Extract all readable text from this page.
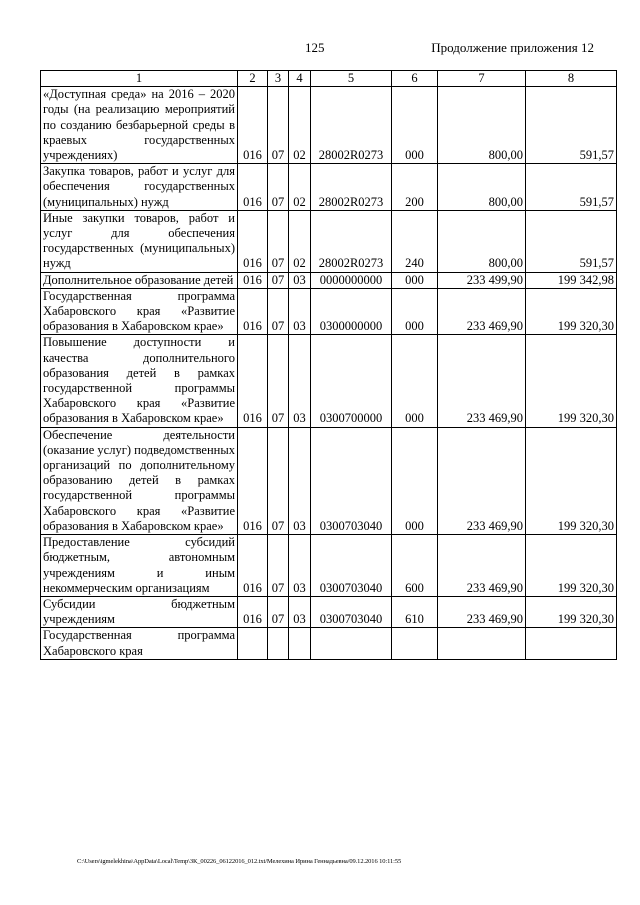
125	Продолжение приложения 12
1	2	3	4	5	6	7	8
«Доступная среда» на 2016 – 2020 годы (на реализацию мероприятий по созданию безбарьерной среды в краевых государственных учреждениях)	016	07	02	28002R0273	000	800,00	591,57
Закупка товаров, работ и услуг для обеспечения государственных (муниципальных) нужд	016	07	02	28002R0273	200	800,00	591,57
Иные закупки товаров, работ и услуг для обеспечения государственных (муниципальных) нужд	016	07	02	28002R0273	240	800,00	591,57
Дополнительное образование детей	016	07	03	0000000000	000	233 499,90	199 342,98
Государственная программа Хабаровского края «Развитие образования в Хабаровском крае»	016	07	03	0300000000	000	233 469,90	199 320,30
Повышение доступности и качества дополнительного образования детей в рамках государственной программы Хабаровского края «Развитие образования в Хабаровском крае»	016	07	03	0300700000	000	233 469,90	199 320,30
Обеспечение деятельности (оказание услуг) подведомственных организаций по дополнительному образованию детей в рамках государственной программы Хабаровского края «Развитие образования в Хабаровском крае»	016	07	03	0300703040	000	233 469,90	199 320,30
Предоставление субсидий бюджетным, автономным учреждениям и иным некоммерческим организациям	016	07	03	0300703040	600	233 469,90	199 320,30
Субсидии бюджетным учреждениям	016	07	03	0300703040	610	233 469,90	199 320,30
Государственная программа Хабаровского края							
C:\Users\igmelekhina\AppData\Local\Temp\ЗК_00226_06122016_012.txt/Мелехина Ирина Геннадьевна/09.12.2016 10:11:55
